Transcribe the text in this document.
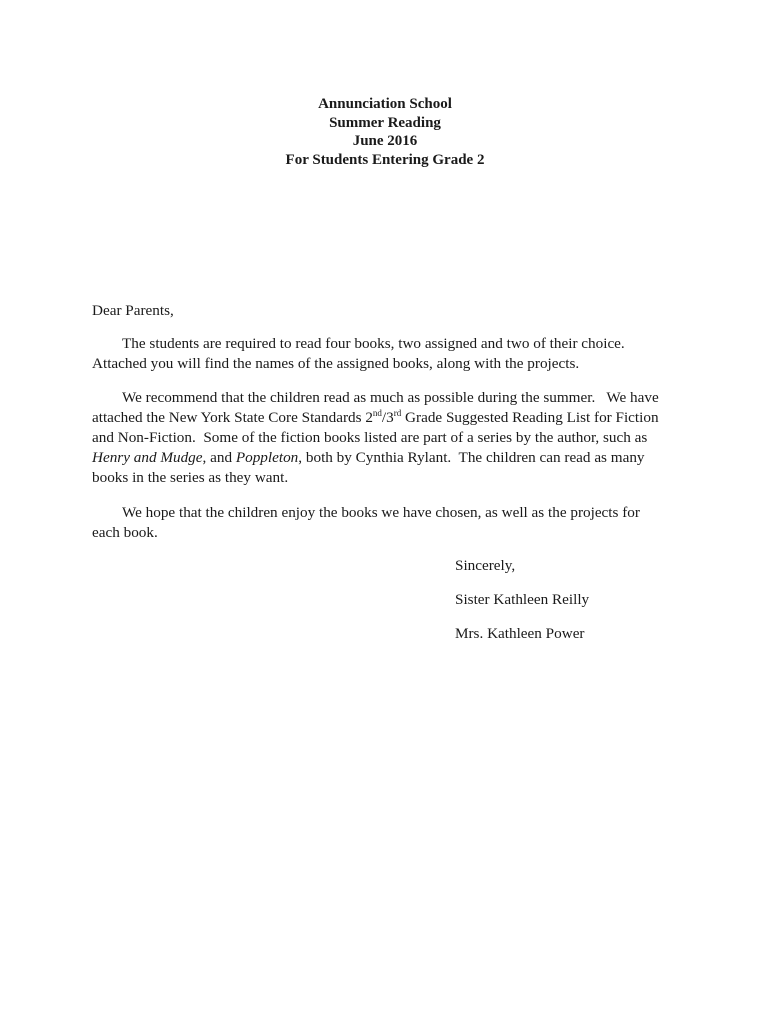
Annunciation School
Summer Reading
June 2016
For Students Entering Grade 2
Dear Parents,
The students are required to read four books, two assigned and two of their choice.
Attached you will find the names of the assigned books, along with the projects.
We recommend that the children read as much as possible during the summer.   We have
attached the New York State Core Standards 2nd/3rd Grade Suggested Reading List for Fiction
and Non-Fiction.  Some of the fiction books listed are part of a series by the author, such as
Henry and Mudge, and Poppleton, both by Cynthia Rylant.  The children can read as many
books in the series as they want.
We hope that the children enjoy the books we have chosen, as well as the projects for
each book.
Sincerely,
Sister Kathleen Reilly
Mrs. Kathleen Power
